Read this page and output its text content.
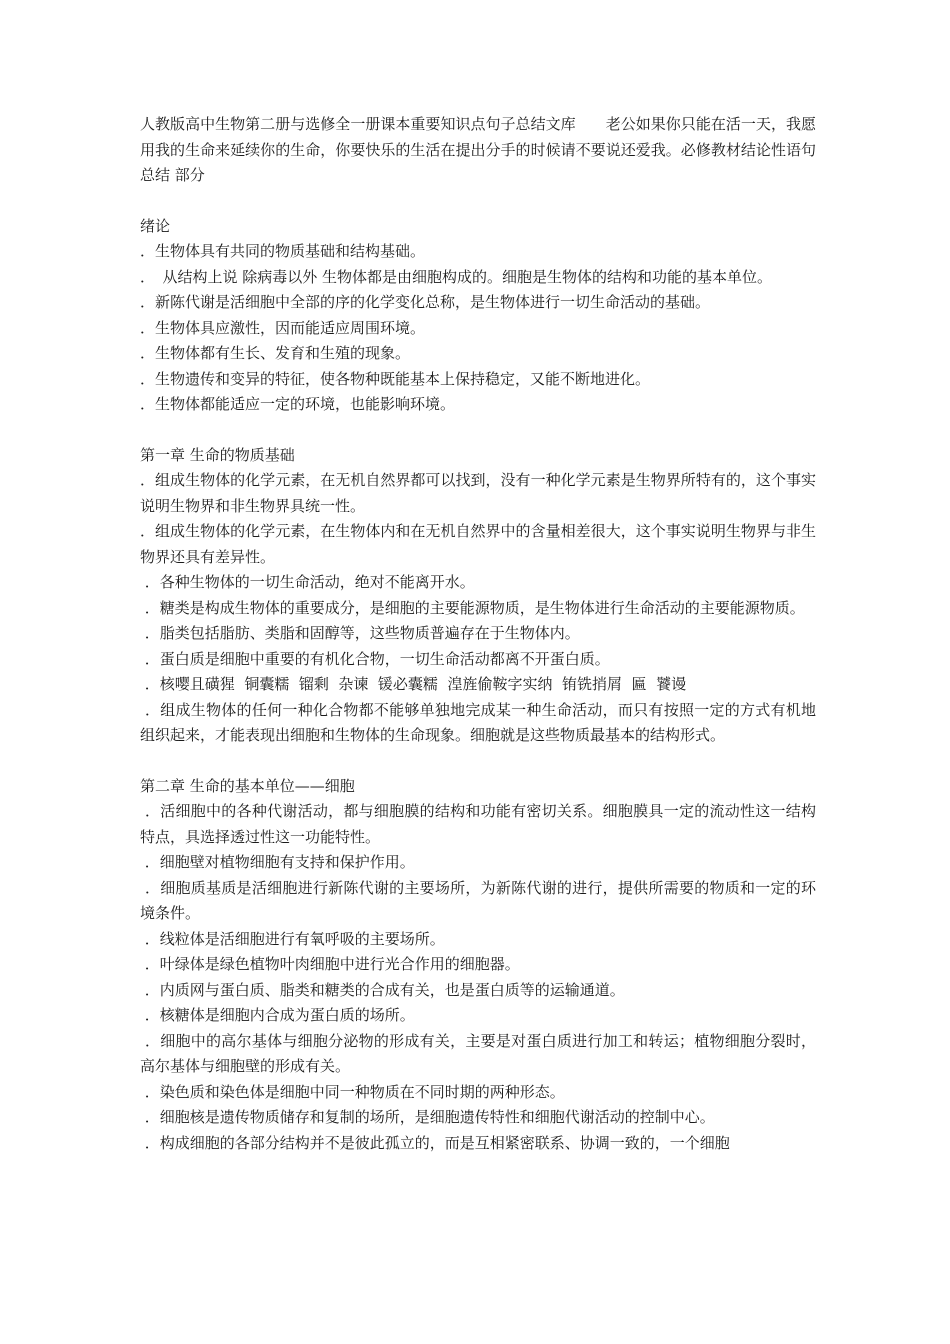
人教版高中生物第二册与选修全一册课本重要知识点句子总结文库　　老公如果你只能在活一天，我愿用我的生命来延续你的生命，你要快乐的生活在提出分手的时候请不要说还爱我。必修教材结论性语句总结 部分

绪论

．生物体具有共同的物质基础和结构基础。
．　从结构上说 除病毒以外 生物体都是由细胞构成的。细胞是生物体的结构和功能的基本单位。
．新陈代谢是活细胞中全部的序的化学变化总称，是生物体进行一切生命活动的基础。
．生物体具应激性，因而能适应周围环境。
．生物体都有生长、发育和生殖的现象。
．生物遗传和变异的特征，使各物种既能基本上保持稳定，又能不断地进化。
．生物体都能适应一定的环境，也能影响环境。

第一章 生命的物质基础

．组成生物体的化学元素，在无机自然界都可以找到，没有一种化学元素是生物界所特有的，这个事实说明生物界和非生物界具统一性。
．组成生物体的化学元素，在生物体内和在无机自然界中的含量相差很大，这个事实说明生物界与非生物界还具有差异性。
．各种生物体的一切生命活动，绝对不能离开水。
．糖类是构成生物体的重要成分，是细胞的主要能源物质，是生物体进行生命活动的主要能源物质。
．脂类包括脂肪、类脂和固醇等，这些物质普遍存在于生物体内。
．蛋白质是细胞中重要的有机化合物，一切生命活动都离不开蛋白质。
．核嘤且磺猩  铜囊糯  镏剩  杂谏  锾必囊糯  湟旌偷鞍字实纳  铕铣捎屑  匾  饕谩
．组成生物体的任何一种化合物都不能够单独地完成某一种生命活动，而只有按照一定的方式有机地组织起来，才能表现出细胞和生物体的生命现象。细胞就是这些物质最基本的结构形式。

第二章 生命的基本单位——细胞

．活细胞中的各种代谢活动，都与细胞膜的结构和功能有密切关系。细胞膜具一定的流动性这一结构特点，具选择透过性这一功能特性。
．细胞壁对植物细胞有支持和保护作用。
．细胞质基质是活细胞进行新陈代谢的主要场所，为新陈代谢的进行，提供所需要的物质和一定的环境条件。
．线粒体是活细胞进行有氧呼吸的主要场所。
．叶绿体是绿色植物叶肉细胞中进行光合作用的细胞器。
．内质网与蛋白质、脂类和糖类的合成有关，也是蛋白质等的运输通道。
．核糖体是细胞内合成为蛋白质的场所。
．细胞中的高尔基体与细胞分泌物的形成有关，主要是对蛋白质进行加工和转运；植物细胞分裂时，高尔基体与细胞壁的形成有关。
．染色质和染色体是细胞中同一种物质在不同时期的两种形态。
．细胞核是遗传物质储存和复制的场所，是细胞遗传特性和细胞代谢活动的控制中心。
．构成细胞的各部分结构并不是彼此孤立的，而是互相紧密联系、协调一致的，一个细胞
